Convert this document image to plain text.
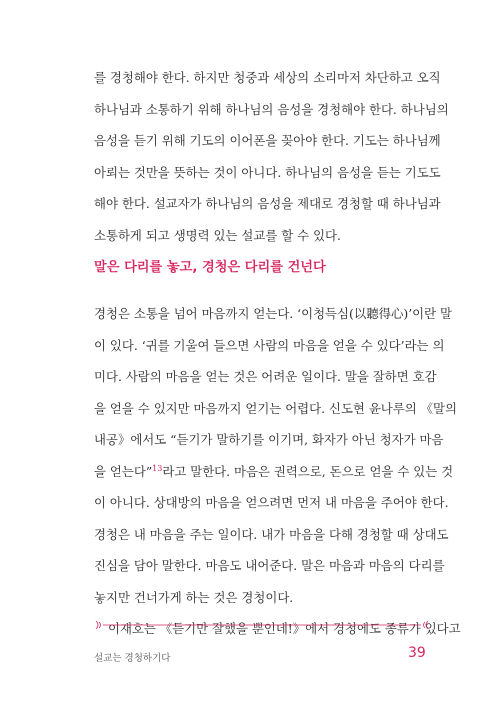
를 경청해야 한다. 하지만 청중과 세상의 소리마저 차단하고 오직
하나님과 소통하기 위해 하나님의 음성을 경청해야 한다. 하나님의
음성을 듣기 위해 기도의 이어폰을 꽂아야 한다. 기도는 하나님께
아뢰는 것만을 뜻하는 것이 아니다. 하나님의 음성을 듣는 기도도
해야 한다. 설교자가 하나님의 음성을 제대로 경청할 때 하나님과
소통하게 되고 생명력 있는 설교를 할 수 있다.
말은 다리를 놓고, 경청은 다리를 건넌다
경청은 소통을 넘어 마음까지 얻는다. ‘이청득심(以聽得心)’이란 말
이 있다. ‘귀를 기울여 들으면 사람의 마음을 얻을 수 있다’라는 의
미다. 사람의 마음을 얻는 것은 어려운 일이다. 말을 잘하면 호감
을 얻을 수 있지만 마음까지 얻기는 어렵다. 신도현 윤나루의 《말의
내공》에서도 “듣기가 말하기를 이기며, 화자가 아닌 청자가 마음
을 얻는다”$^{13}$라고 말한다. 마음은 권력으로, 돈으로 얻을 수 있는 것
이 아니다. 상대방의 마음을 얻으려면 먼저 내 마음을 주어야 한다.
경청은 내 마음을 주는 일이다. 내가 마음을 다해 경청할 때 상대도
진심을 담아 말한다. 마음도 내어준다. 말은 마음과 마음의 다리를
놓지만 건너가게 하는 것은 경청이다.
이재호는 《듣기만 잘했을 뿐인데!》에서 경청에도 종류가 있다고
설교는 경청하기다	39
